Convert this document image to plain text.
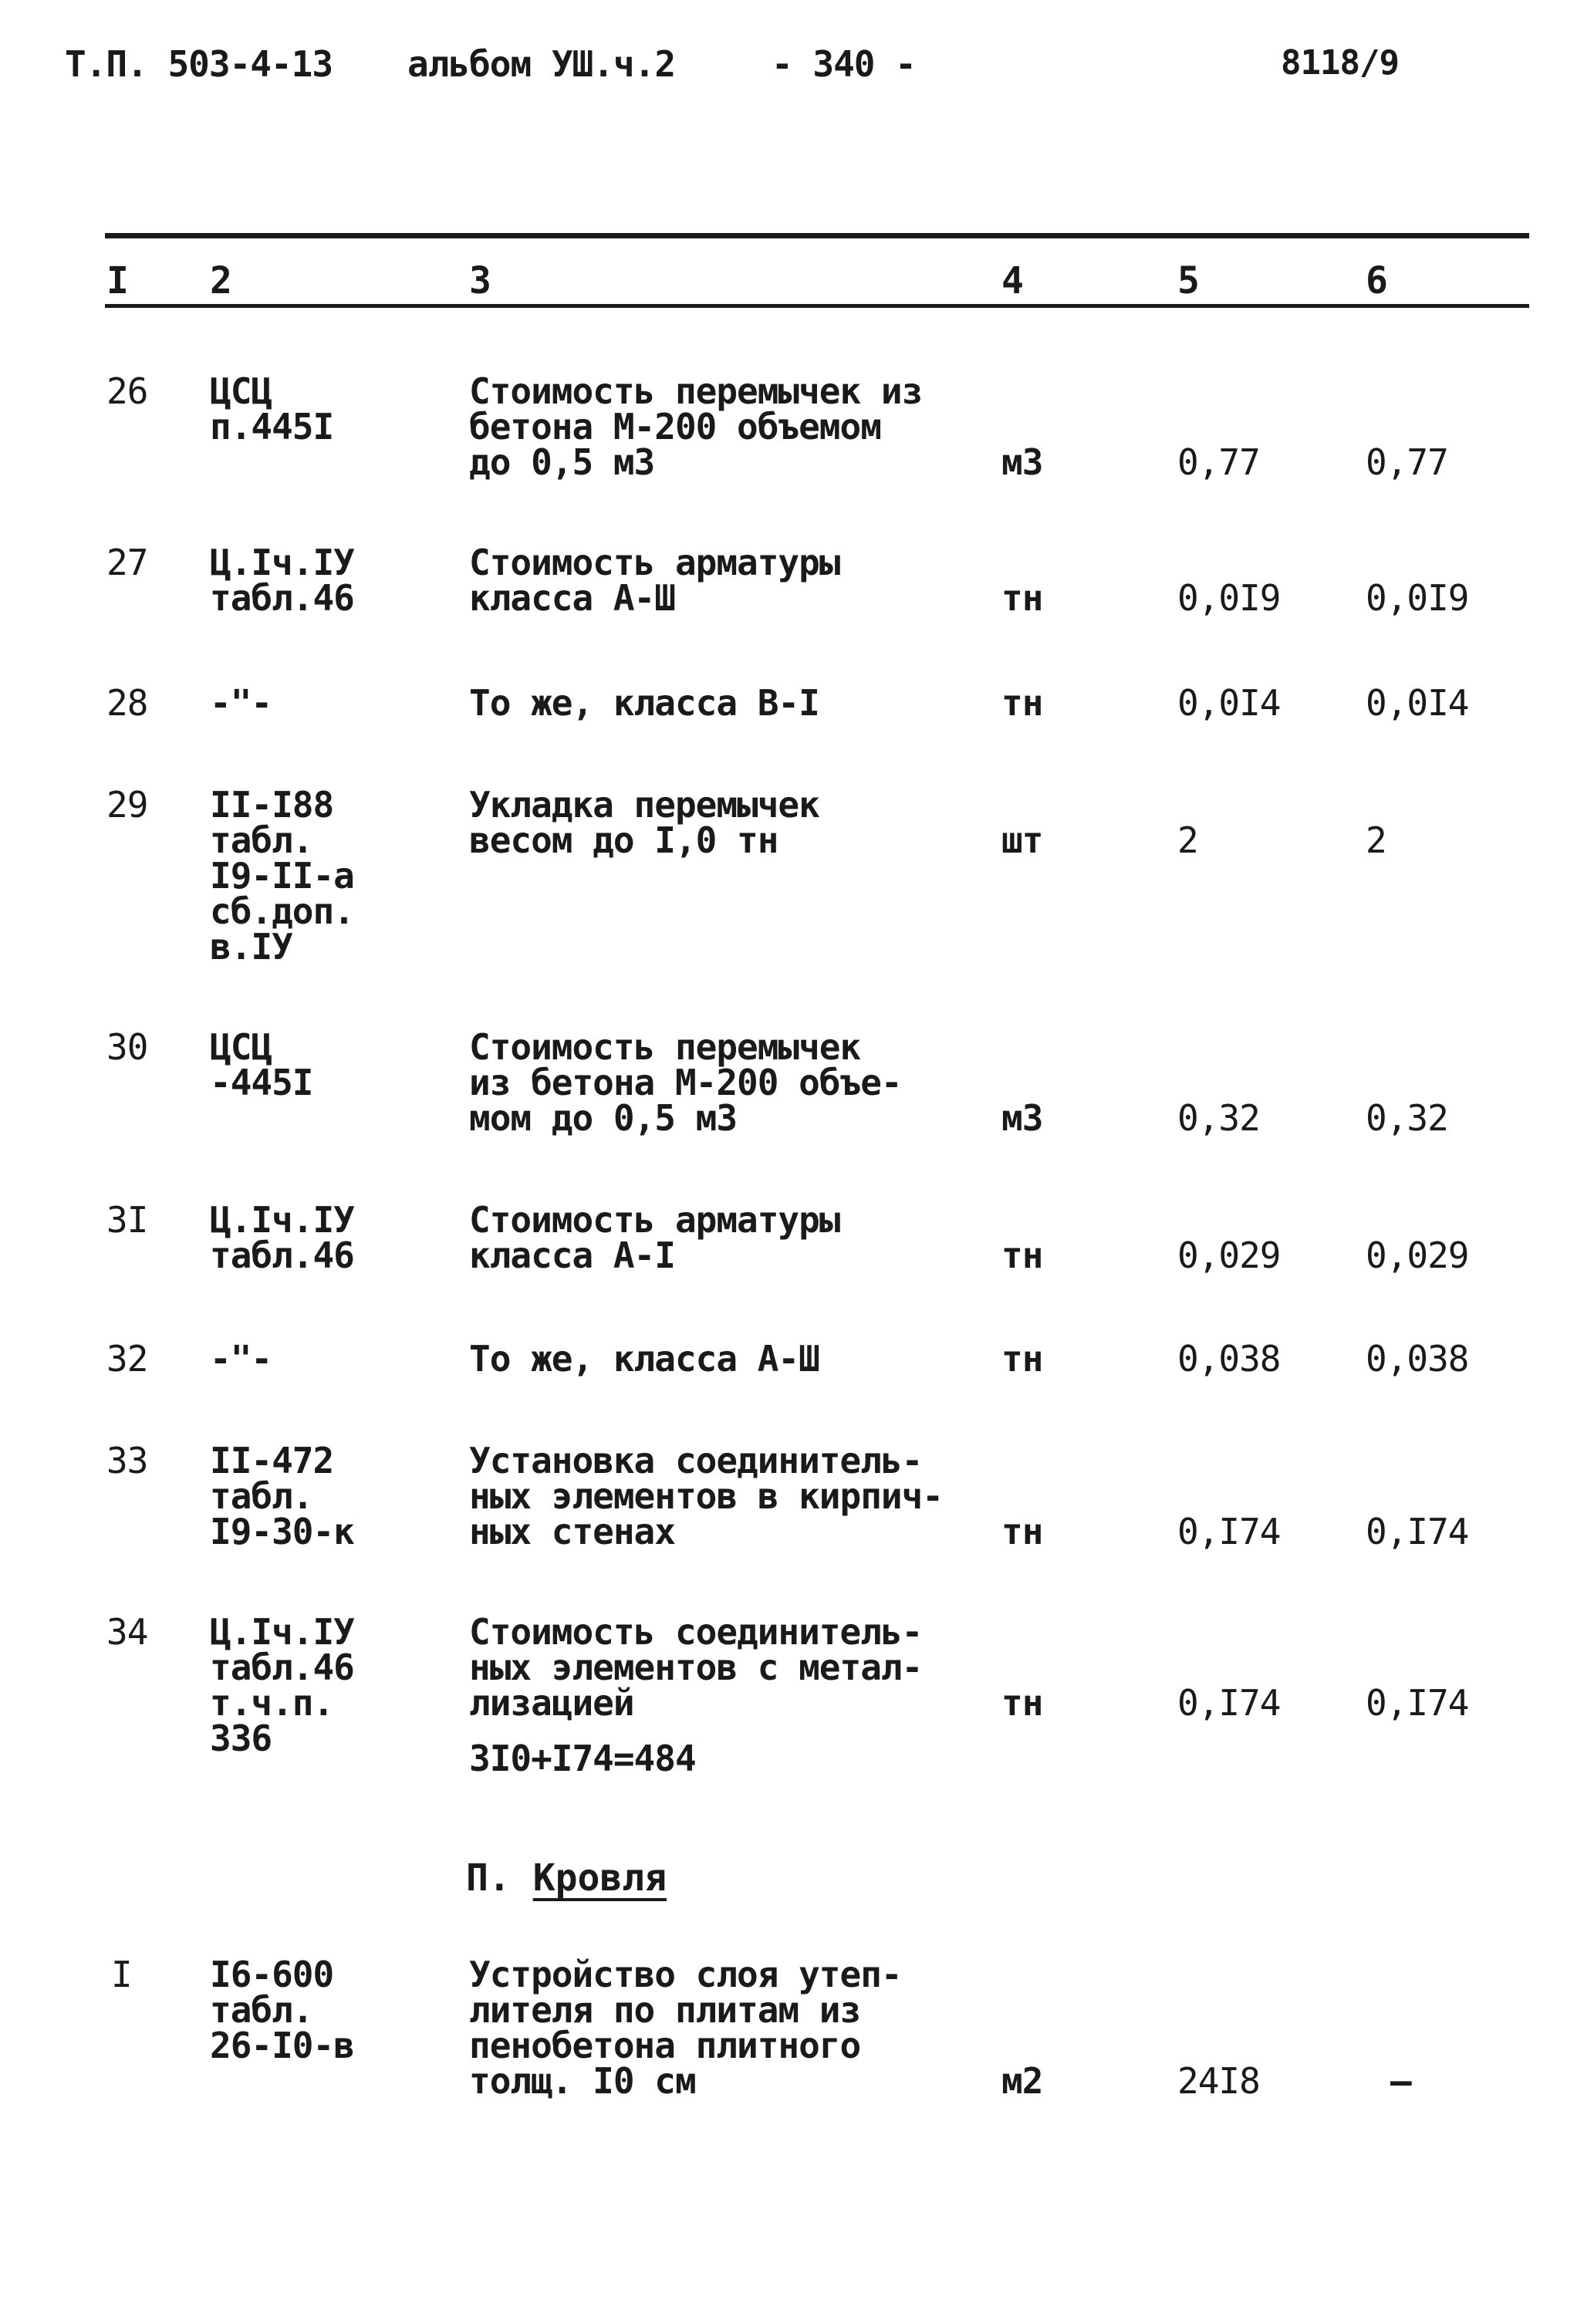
Т.П. 503-4-13 альбом УШ.ч.2	- 340 -	8118/9
I 2	3	4	5	6
26 ЦСЦ
п.445I
Стоимость перемычек из
бетона М-200 объемом
до 0,5 м3	м3	0,77	0,77
27 Ц.Iч.IУ
табл.46
Стоимость арматуры
класса А-Ш	тн	0,0I9 0,0I9
28 -"-	То же, класса В-I	тн	0,0I4 0,0I4
29 II-I88
табл.
I9-II-а
сб.доп.
в.IУ
Укладка перемычек
весом до I,0 тн	шт	2	2
30 ЦСЦ
-445I
Стоимость перемычек
из бетона М-200 объе-
мом до 0,5 м3	м3	0,32	0,32
3I Ц.Iч.IУ
табл.46
Стоимость арматуры
класса А-I	тн	0,029 0,029
32 -"-	То же, класса А-Ш	тн	0,038 0,038
33 II-472
табл.
I9-30-к
Установка соединитель-
ных элементов в кирпич-
ных стенах	тн	0,I74 0,I74
34 Ц.Iч.IУ
табл.46
т.ч.п.
336
Стоимость соединитель-
ных элементов с метал-
лизацией	тн	0,I74 0,I74
3I0+I74=484
П. Кровля
I I6-600
табл.
26-I0-в
Устройство слоя утеп-
лителя по плитам из
пенобетона плитного
толщ. I0 см	м2	24I8	–
